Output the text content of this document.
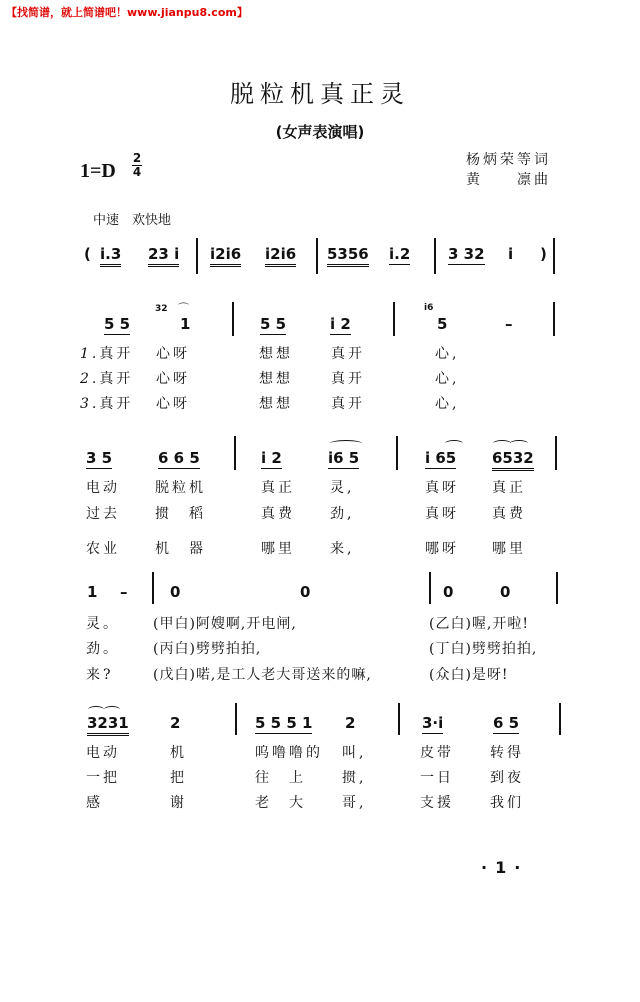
【找简谱，就上简谱吧！www.jianpu8.com】
脱粒机真正灵
(女声表演唱)
1=D
2
4
杨炳荣等词
黄　　凛曲
中速　欢快地
( i.3 23 i i2i6 i2i6 5356 i.2	3 32 i )
5 5
32
1
⌒
5 5	i 2
i6
5	–
1.真开 心呀	想想	真开	心,
2.真开 心呀	想想	真开	心,
3.真开 心呀	想想	真开	心,
3 5	6 6 5	i 2	i6 5	i 65 6532
电动	脱粒机	真正	灵,	真呀 真正
过去	掼　稻	真费	劲,	真呀 真费
农业	机　器	哪里	来,	哪呀 哪里
1 –	0	0	0	0
灵。 (甲白)阿嫂啊,开电闸,	(乙白)喔,开啦!
劲。 (丙白)劈劈拍拍,	(丁白)劈劈拍拍,
来?	(戊白)喏,是工人老大哥送来的嘛,	(众白)是呀!
3231	2	5 5 5 1 2	3·i	6 5
电动	机	呜噜噜的 叫,	皮带	转得
一把	把	往　上	掼,	一日	到夜
感	谢	老　大	哥,	支援	我们
·1·
